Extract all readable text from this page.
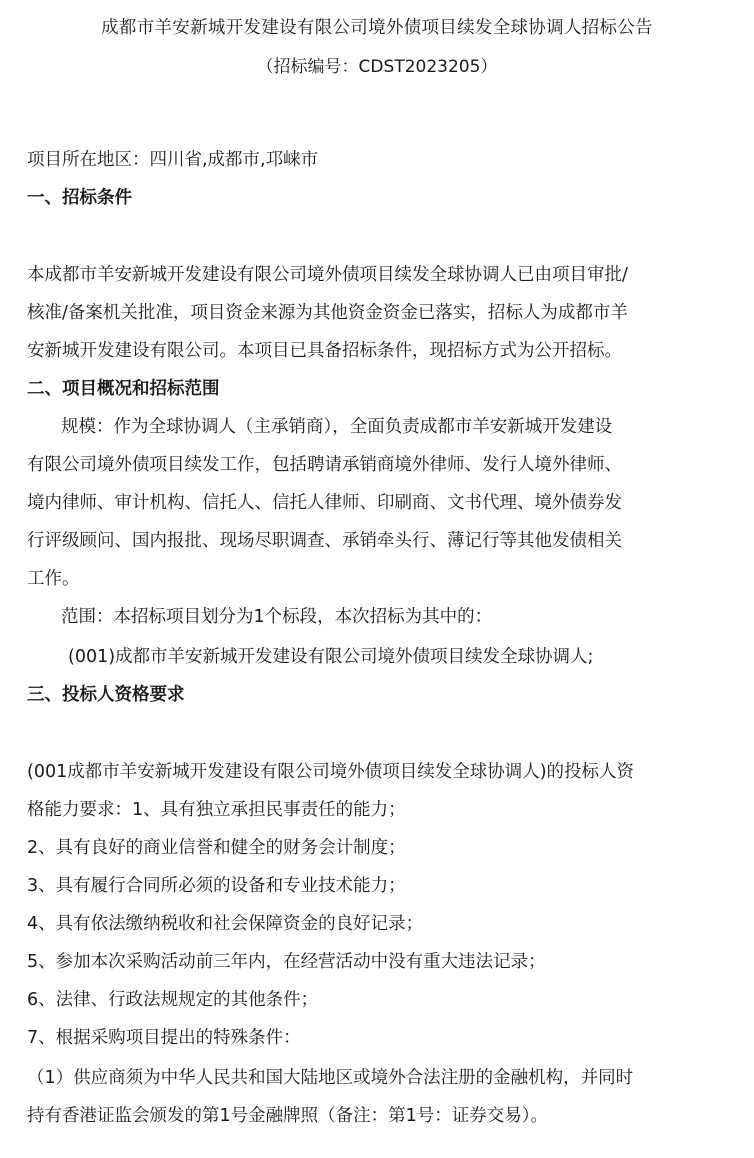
成都市羊安新城开发建设有限公司境外债项目续发全球协调人招标公告
（招标编号：CDST2023205）
项目所在地区：四川省,成都市,邛崃市
一、招标条件
本成都市羊安新城开发建设有限公司境外债项目续发全球协调人已由项目审批/
核准/备案机关批准，项目资金来源为其他资金资金已落实，招标人为成都市羊
安新城开发建设有限公司。本项目已具备招标条件，现招标方式为公开招标。
二、项目概况和招标范围
规模：作为全球协调人（主承销商），全面负责成都市羊安新城开发建设
有限公司境外债项目续发工作，包括聘请承销商境外律师、发行人境外律师、
境内律师、审计机构、信托人、信托人律师、印刷商、文书代理、境外债券发
行评级顾问、国内报批、现场尽职调查、承销牵头行、薄记行等其他发债相关
工作。
范围：本招标项目划分为1个标段，本次招标为其中的：
(001)成都市羊安新城开发建设有限公司境外债项目续发全球协调人;
三、投标人资格要求
(001成都市羊安新城开发建设有限公司境外债项目续发全球协调人)的投标人资
格能力要求：1、具有独立承担民事责任的能力；
2、具有良好的商业信誉和健全的财务会计制度；
3、具有履行合同所必须的设备和专业技术能力；
4、具有依法缴纳税收和社会保障资金的良好记录；
5、参加本次采购活动前三年内，在经营活动中没有重大违法记录；
6、法律、行政法规规定的其他条件；
7、根据采购项目提出的特殊条件：
（1）供应商须为中华人民共和国大陆地区或境外合法注册的金融机构，并同时
持有香港证监会颁发的第1号金融牌照（备注：第1号：证券交易）。
